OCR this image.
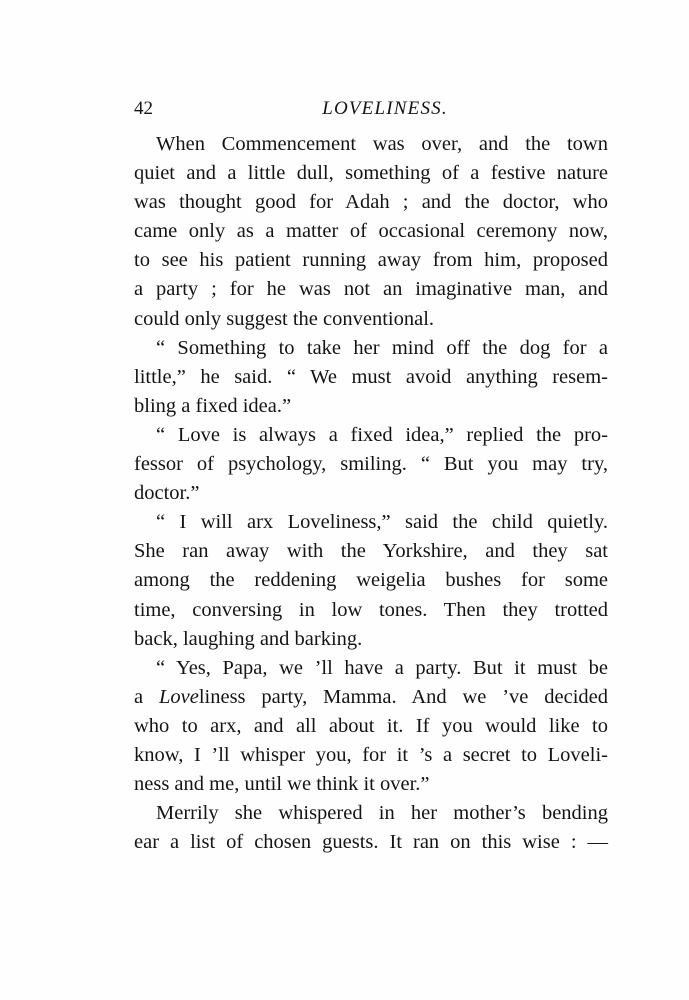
42	LOVELINESS.
When Commencement was over, and the town
quiet and a little dull, something of a festive nature
was thought good for Adah ; and the doctor, who
came only as a matter of occasional ceremony now,
to see his patient running away from him, proposed
a party ; for he was not an imaginative man, and
could only suggest the conventional.
“ Something to take her mind off the dog for a
little,” he said. “ We must avoid anything resem-
bling a fixed idea.”
“ Love is always a fixed idea,” replied the pro-
fessor of psychology, smiling. “ But you may try,
doctor.”
“ I will arx Loveliness,” said the child quietly.
She ran away with the Yorkshire, and they sat
among the reddening weigelia bushes for some
time, conversing in low tones. Then they trotted
back, laughing and barking.
“ Yes, Papa, we ’ll have a party. But it must be
a Loveliness party, Mamma. And we ’ve decided
who to arx, and all about it. If you would like to
know, I ’ll whisper you, for it ’s a secret to Loveli-
ness and me, until we think it over.”
Merrily she whispered in her mother’s bending
ear a list of chosen guests. It ran on this wise : —
